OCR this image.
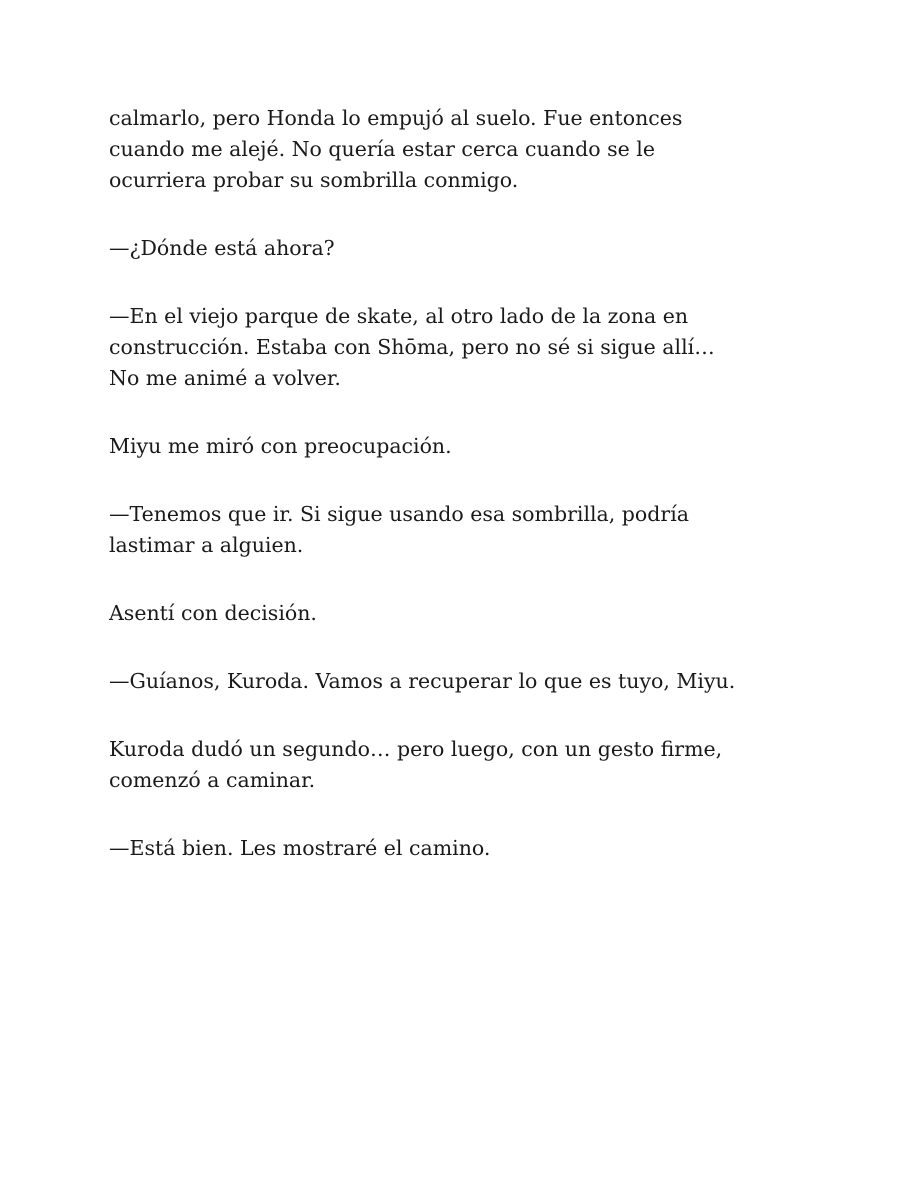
calmarlo, pero Honda lo empujó al suelo. Fue entonces
cuando me alejé. No quería estar cerca cuando se le
ocurriera probar su sombrilla conmigo.

—¿Dónde está ahora?

—En el viejo parque de skate, al otro lado de la zona en
construcción. Estaba con Shōma, pero no sé si sigue allí…
No me animé a volver.

Miyu me miró con preocupación.

—Tenemos que ir. Si sigue usando esa sombrilla, podría
lastimar a alguien.

Asentí con decisión.

—Guíanos, Kuroda. Vamos a recuperar lo que es tuyo, Miyu.

Kuroda dudó un segundo… pero luego, con un gesto firme,
comenzó a caminar.

—Está bien. Les mostraré el camino.
